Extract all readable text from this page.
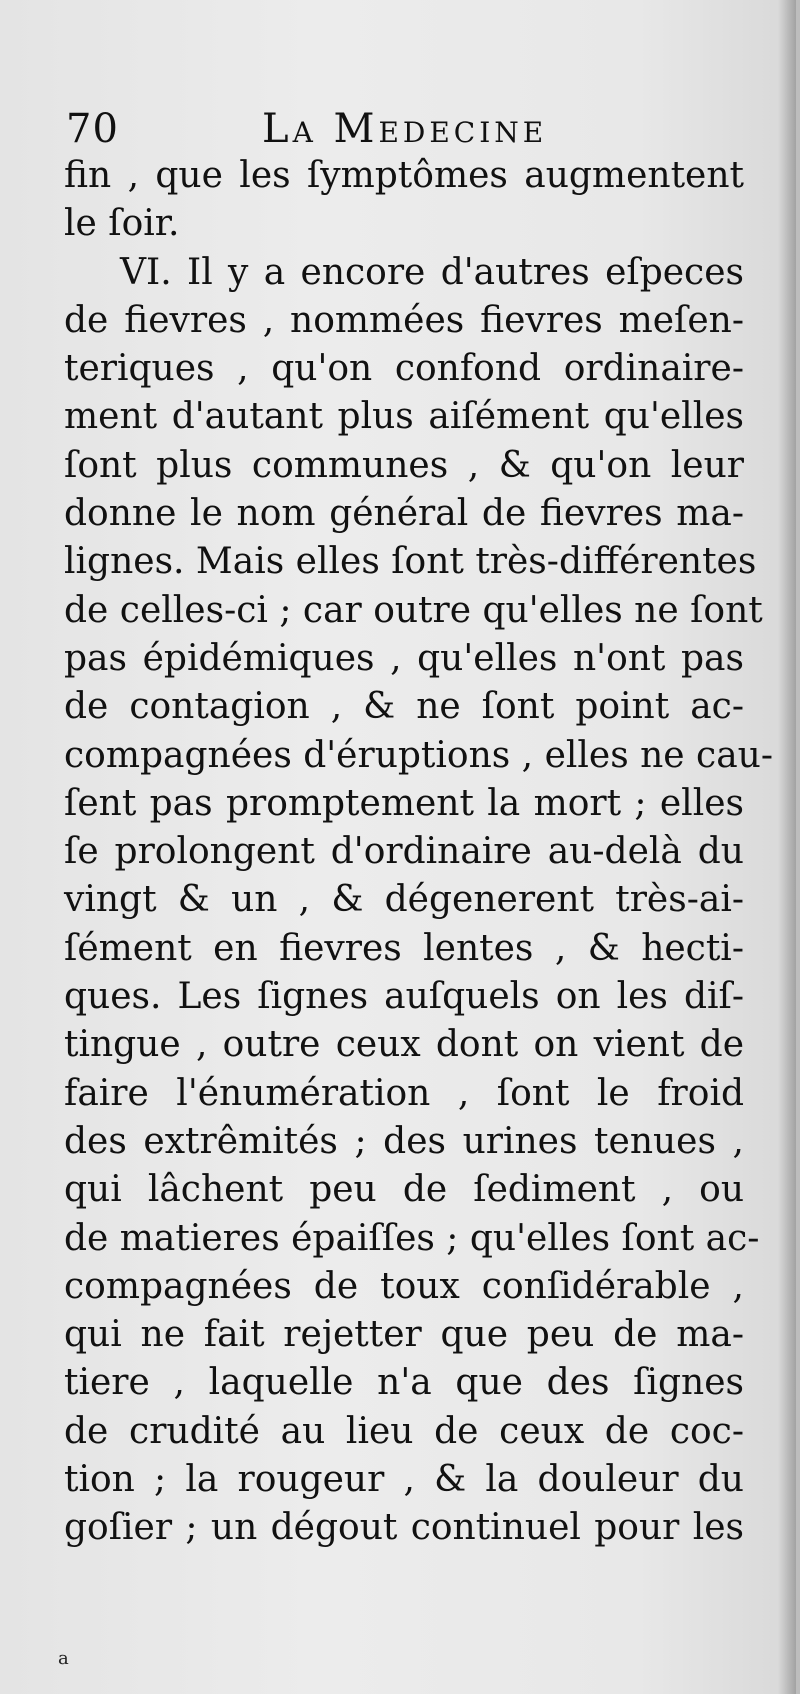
70	La Medecine
fin , que les ſymptômes augmentent
le ſoir.
VI. Il y a encore d'autres eſpeces
de fievres , nommées fievres meſen-
teriques , qu'on confond ordinaire-
ment d'autant plus aiſément qu'elles
ſont plus communes , & qu'on leur
donne le nom général de fievres ma-
lignes. Mais elles ſont très-différentes
de celles-ci ; car outre qu'elles ne ſont
pas épidémiques , qu'elles n'ont pas
de contagion , & ne ſont point ac-
compagnées d'éruptions , elles ne cau-
ſent pas promptement la mort ; elles
ſe prolongent d'ordinaire au-delà du
vingt & un , & dégenerent très-ai-
ſément en fievres lentes , & hecti-
ques. Les ſignes auſquels on les diſ-
tingue , outre ceux dont on vient de
faire l'énumération , ſont le froid
des extrêmités ; des urines tenues ,
qui lâchent peu de ſediment , ou
de matieres épaiſſes ; qu'elles ſont ac-
compagnées de toux conſidérable ,
qui ne fait rejetter que peu de ma-
tiere , laquelle n'a que des ſignes
de crudité au lieu de ceux de coc-
tion ; la rougeur , & la douleur du
goſier ; un dégout continuel pour les
a
